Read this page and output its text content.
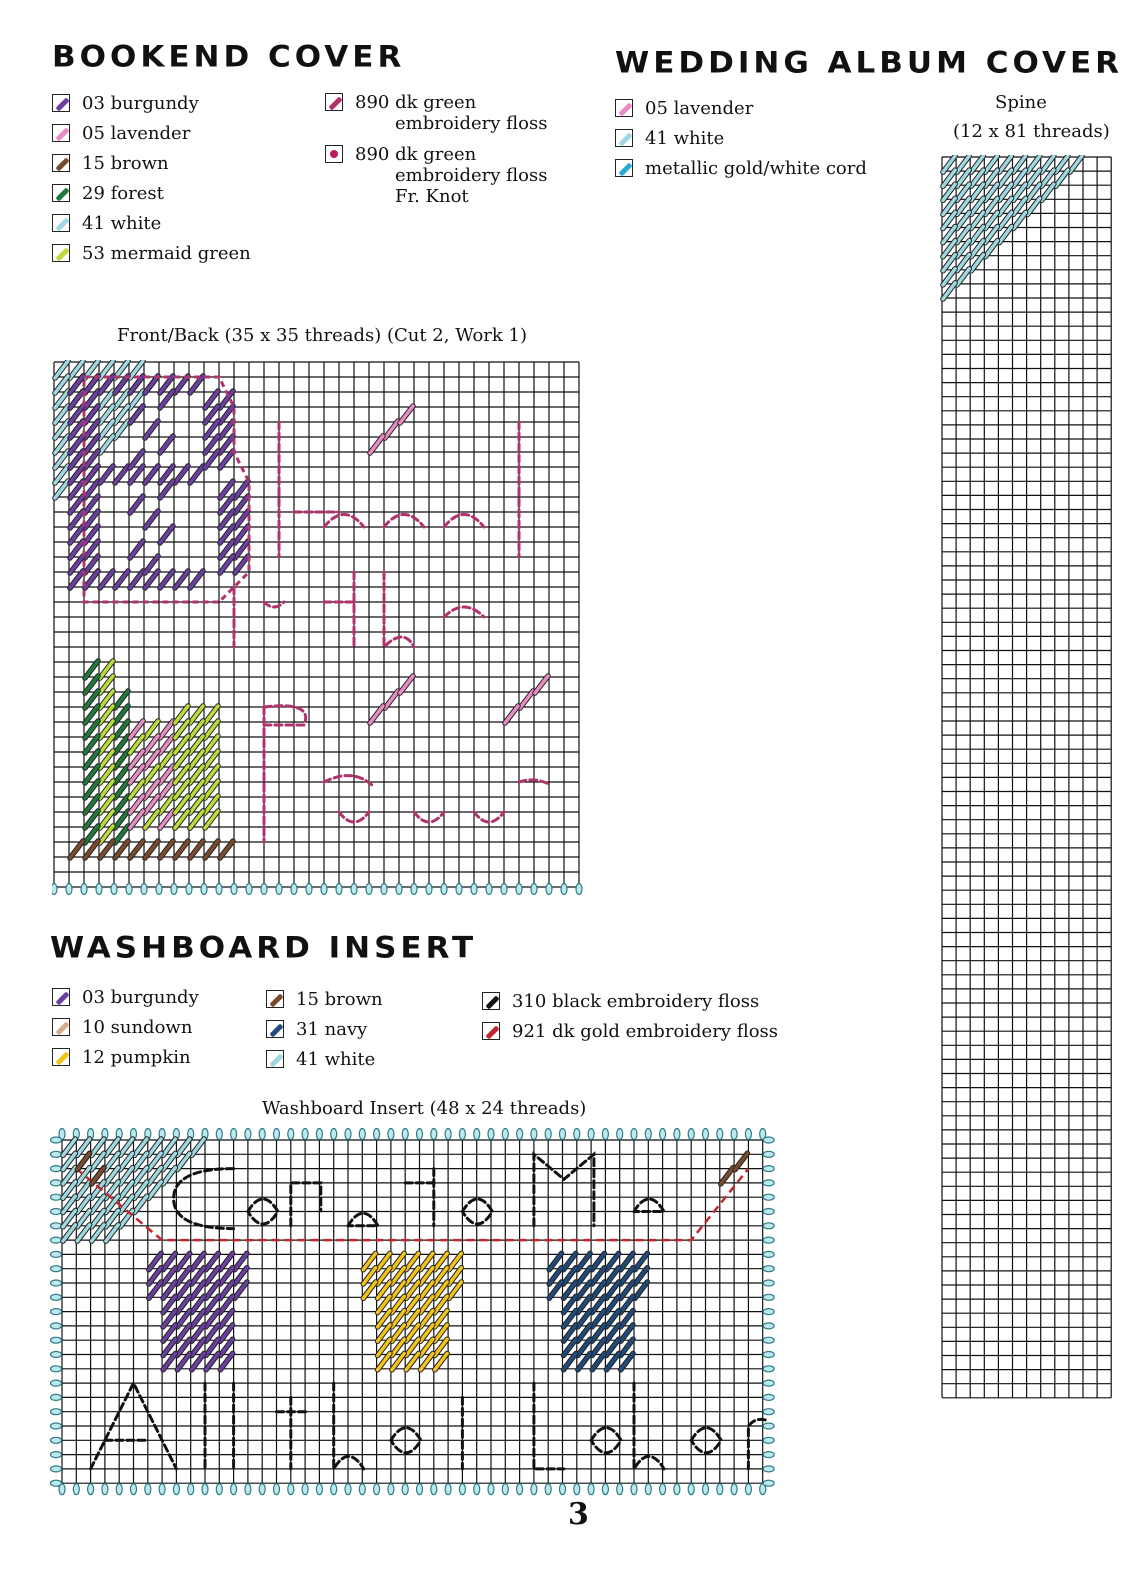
BOOKEND COVER
03 burgundy
05 lavender
15 brown
29 forest
41 white
53 mermaid green
890 dk green
embroidery floss
890 dk green
embroidery floss
Fr. Knot
Front/Back (35 x 35 threads) (Cut 2, Work 1)
WEDDING ALBUM COVER
05 lavender
41 white
metallic gold/white cord
Spine
(12 x 81 threads)
WASHBOARD INSERT
03 burgundy
10 sundown
12 pumpkin
15 brown
31 navy
41 white
310 black embroidery floss
921 dk gold embroidery floss
Washboard Insert (48 x 24 threads)
3
